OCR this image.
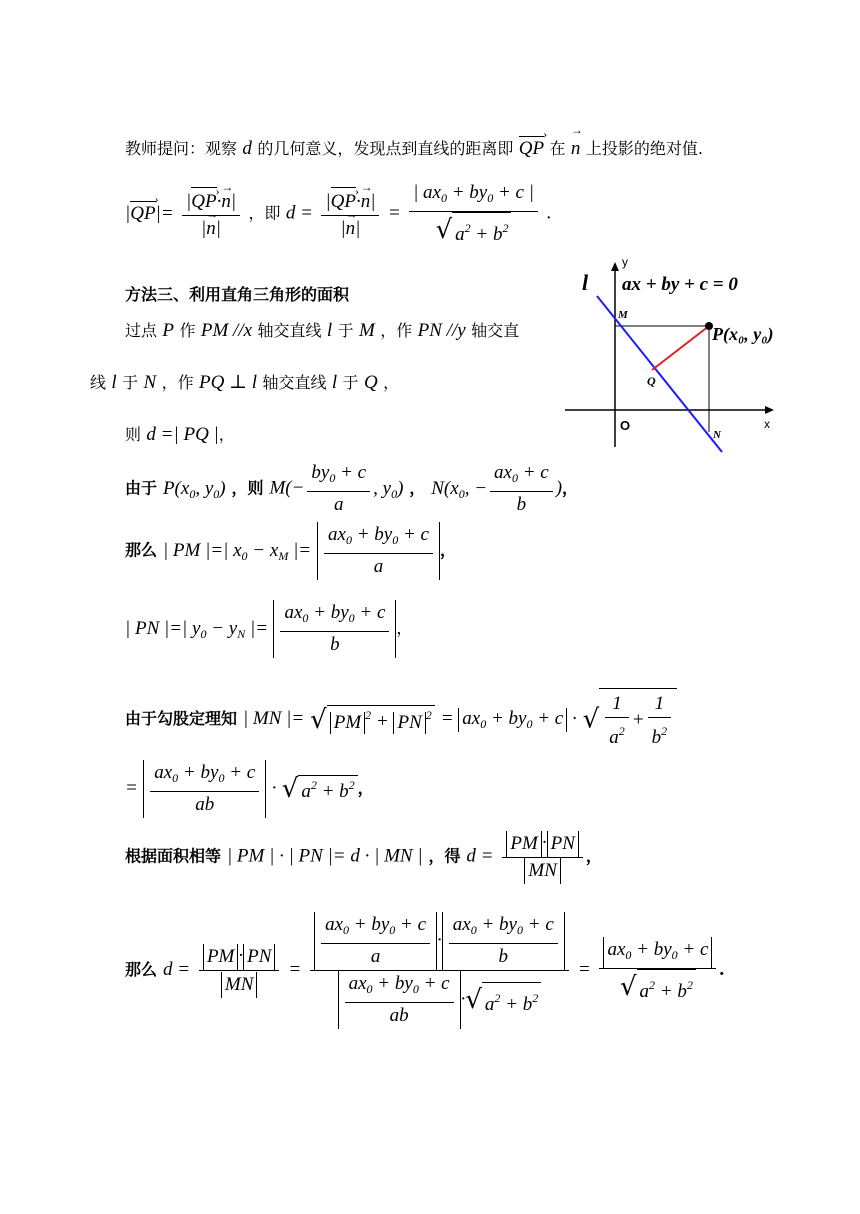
教师提问：观察 d 的几何意义，发现点到直线的距离即 QP › 在 → n 上投影的绝对值.
|QP ›|= $\frac{|QP ›\cdot\to n|}{|\to n|}$ ，即 $d = \frac{|QP ›\cdot\to n|}{|\to n|} = \frac{| ax_0 + by_0 + c |}{√ a^2 + b^2}$ .
方法三、利用直角三角形的面积
过点 P 作 PM //x 轴交直线 l 于 M ，作 PN //y 轴交直
线 l 于 N ，作 PQ ⊥ l 轴交直线 l 于 Q ，
则 d =| PQ |，
由于 $P(x_0$, $y_0$) ，则 $M(- \frac{by_0 + c}{a}$ , $y_0$) ， $N(x_0$, − $\frac{ax_0 + c}{b}$ )，
那么 | PM |=| $x_0 - x_M$ |= $\frac{ax_0 + by_0 + c}{a}$ ，
| PN |=| $y_0 - y_N$ |= $\frac{ax_0 + by_0 + c}{b}$ ，
由于勾股定理知 | MN |= √ PM $^2$ + PN $^2 = ax_0 + by_0 + c$ · √ $\frac{1}{a^2} + \frac{1}{b^2}$
= $\frac{ax_0 + by_0 + c}{ab}$ · √ $a^2 + b^2$ ，
根据面积相等 | PM | · | PN |= d · | MN | ，得 $d = \frac{PM \cdot PN}{MN}$ ，
那么 $d = \frac{PM \cdot PN}{MN} = \frac{\frac{ax_0 + by_0 + c}{a} \cdot \frac{ax_0 + by_0 + c}{b}}{\frac{ax_0 + by_0 + c}{ab} \cdot√ a^2 + b^2} = \frac{ax_0 + by_0 + c}{√ a^2 + b^2}$ .
l ax + by + c = 0
y
x
O
M
N
Q
P(x₀, y₀)
